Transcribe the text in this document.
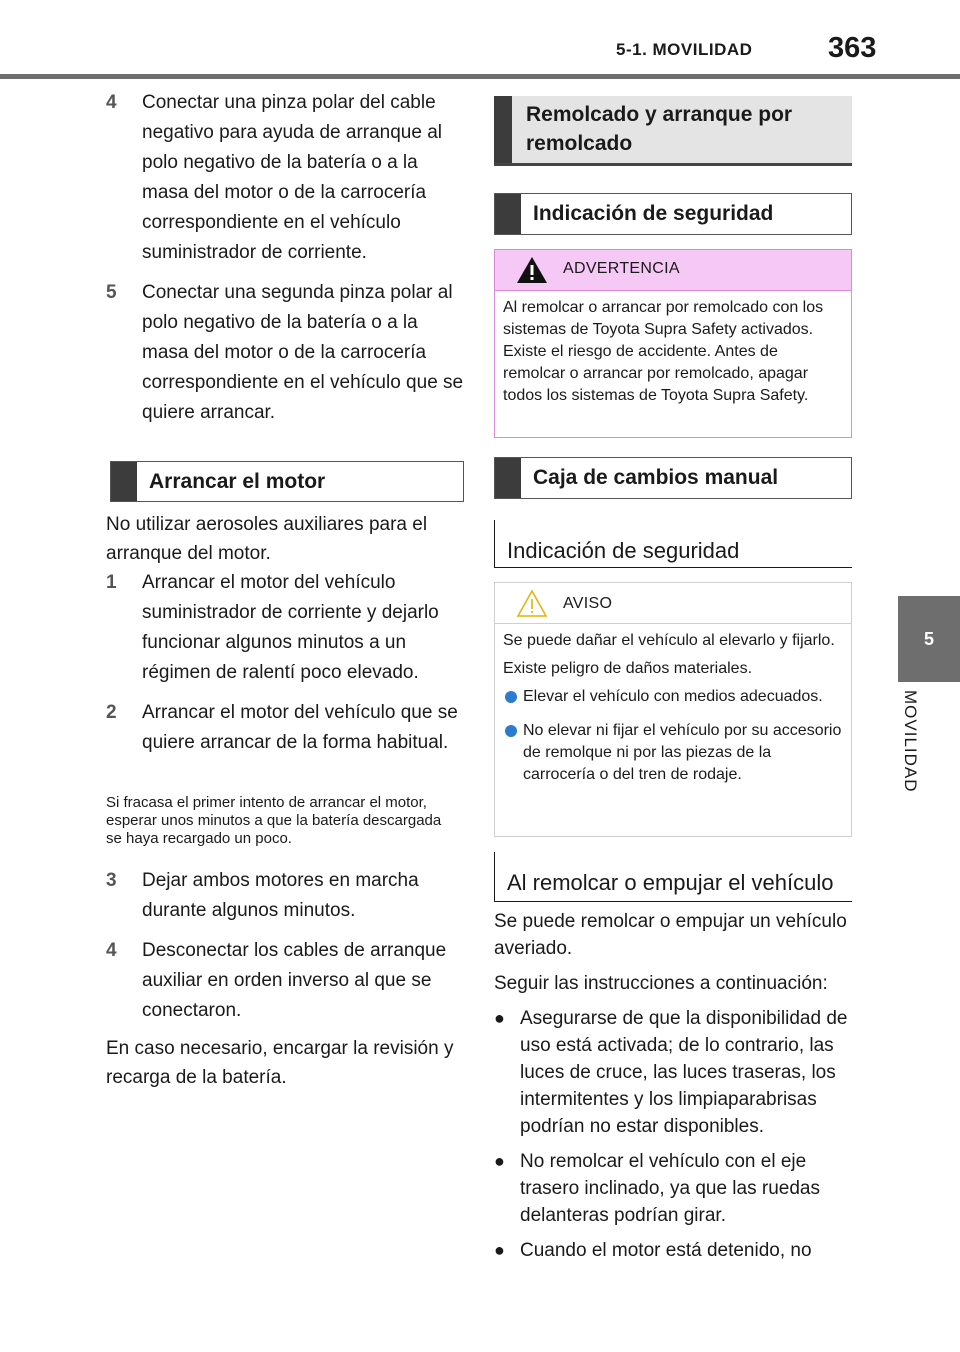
5-1. MOVILIDAD	363
5
MOVILIDAD
4	Conectar una pinza polar del cable negativo para ayuda de arranque al polo negativo de la batería o a la masa del motor o de la carrocería correspondiente en el vehículo suministrador de corriente.
5	Conectar una segunda pinza polar al polo negativo de la batería o a la masa del motor o de la carrocería correspondiente en el vehículo que se quiere arrancar.
Arrancar el motor
No utilizar aerosoles auxiliares para el arranque del motor.
1	Arrancar el motor del vehículo suministrador de corriente y dejarlo funcionar algunos minutos a un régimen de ralentí poco elevado.
2	Arrancar el motor del vehículo que se quiere arrancar de la forma habitual.
Si fracasa el primer intento de arrancar el motor, esperar unos minutos a que la batería descargada se haya recargado un poco.
3	Dejar ambos motores en marcha durante algunos minutos.
4	Desconectar los cables de arranque auxiliar en orden inverso al que se conectaron.
En caso necesario, encargar la revisión y recarga de la batería.
Remolcado y arranque por remolcado
Indicación de seguridad
ADVERTENCIA
Al remolcar o arrancar por remolcado con los sistemas de Toyota Supra Safety activados. Existe el riesgo de accidente. Antes de remolcar o arrancar por remolcado, apagar todos los sistemas de Toyota Supra Safety.
Caja de cambios manual
Indicación de seguridad
AVISO

Se puede dañar el vehículo al elevarlo y fijarlo.

Existe peligro de daños materiales.

Elevar el vehículo con medios adecuados.
No elevar ni fijar el vehículo por su accesorio de remolque ni por las piezas de la carrocería o del tren de rodaje.
Al remolcar o empujar el vehículo

Se puede remolcar o empujar un vehículo averiado.

Seguir las instrucciones a continuación:

● Asegurarse de que la disponibilidad de uso está activada; de lo contrario, las luces de cruce, las luces traseras, los intermitentes y los limpiaparabrisas podrían no estar disponibles.
● No remolcar el vehículo con el eje trasero inclinado, ya que las ruedas delanteras podrían girar.
● Cuando el motor está detenido, no
